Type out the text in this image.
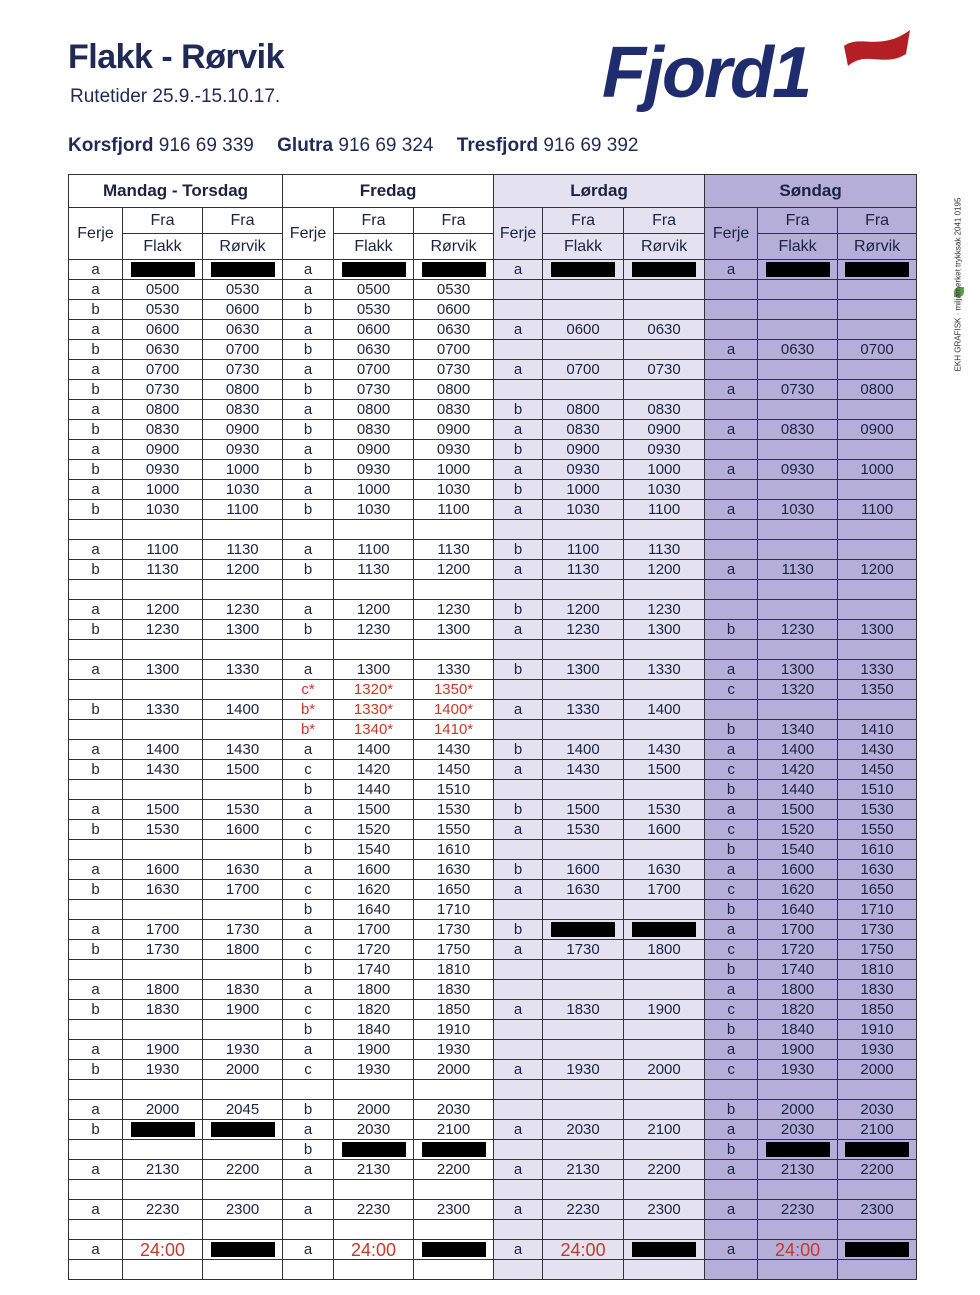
Flakk - Rørvik
Rutetider 25.9.-15.10.17.	Fjord1
Korsfjord 916 69 339 Glutra 916 69 324 Tresfjord 916 69 392
EKH GRAFISK · miljømerket trykksak 2041 0195
Mandag - Torsdag			Fredag			Lørdag			Søndag		
Ferje	Fra	Fra	Ferje	Fra	Fra	Ferje	Fra	Fra	Ferje	Fra	Fra
	Flakk	Rørvik		Flakk	Rørvik		Flakk	Rørvik		Flakk	Rørvik
a			a			a			a		
a	0500	0530	a	0500	0530						
b	0530	0600	b	0530	0600						
a	0600	0630	a	0600	0630	a	0600	0630			
b	0630	0700	b	0630	0700				a	0630	0700
a	0700	0730	a	0700	0730	a	0700	0730			
b	0730	0800	b	0730	0800				a	0730	0800
a	0800	0830	a	0800	0830	b	0800	0830			
b	0830	0900	b	0830	0900	a	0830	0900	a	0830	0900
a	0900	0930	a	0900	0930	b	0900	0930			
b	0930	1000	b	0930	1000	a	0930	1000	a	0930	1000
a	1000	1030	a	1000	1030	b	1000	1030			
b	1030	1100	b	1030	1100	a	1030	1100	a	1030	1100

a	1100	1130	a	1100	1130	b	1100	1130			
b	1130	1200	b	1130	1200	a	1130	1200	a	1130	1200

a	1200	1230	a	1200	1230	b	1200	1230			
b	1230	1300	b	1230	1300	a	1230	1300	b	1230	1300

a	1300	1330	a	1300	1330	b	1300	1330	a	1300	1330
			c*	1320*	1350*				c	1320	1350
b	1330	1400	b*	1330*	1400*	a	1330	1400			
			b*	1340*	1410*				b	1340	1410
a	1400	1430	a	1400	1430	b	1400	1430	a	1400	1430
b	1430	1500	c	1420	1450	a	1430	1500	c	1420	1450
			b	1440	1510				b	1440	1510
a	1500	1530	a	1500	1530	b	1500	1530	a	1500	1530
b	1530	1600	c	1520	1550	a	1530	1600	c	1520	1550
			b	1540	1610				b	1540	1610
a	1600	1630	a	1600	1630	b	1600	1630	a	1600	1630
b	1630	1700	c	1620	1650	a	1630	1700	c	1620	1650
			b	1640	1710				b	1640	1710
a	1700	1730	a	1700	1730	b			a	1700	1730
b	1730	1800	c	1720	1750	a	1730	1800	c	1720	1750
			b	1740	1810				b	1740	1810
a	1800	1830	a	1800	1830				a	1800	1830
b	1830	1900	c	1820	1850	a	1830	1900	c	1820	1850
			b	1840	1910				b	1840	1910
a	1900	1930	a	1900	1930				a	1900	1930
b	1930	2000	c	1930	2000	a	1930	2000	c	1930	2000

a	2000	2045	b	2000	2030				b	2000	2030
b			a	2030	2100	a	2030	2100	a	2030	2100
			b						b		
a	2130	2200	a	2130	2200	a	2130	2200	a	2130	2200

a	2230	2300	a	2230	2300	a	2230	2300	a	2230	2300

a	24:00		a	24:00		a	24:00		a	24:00	
